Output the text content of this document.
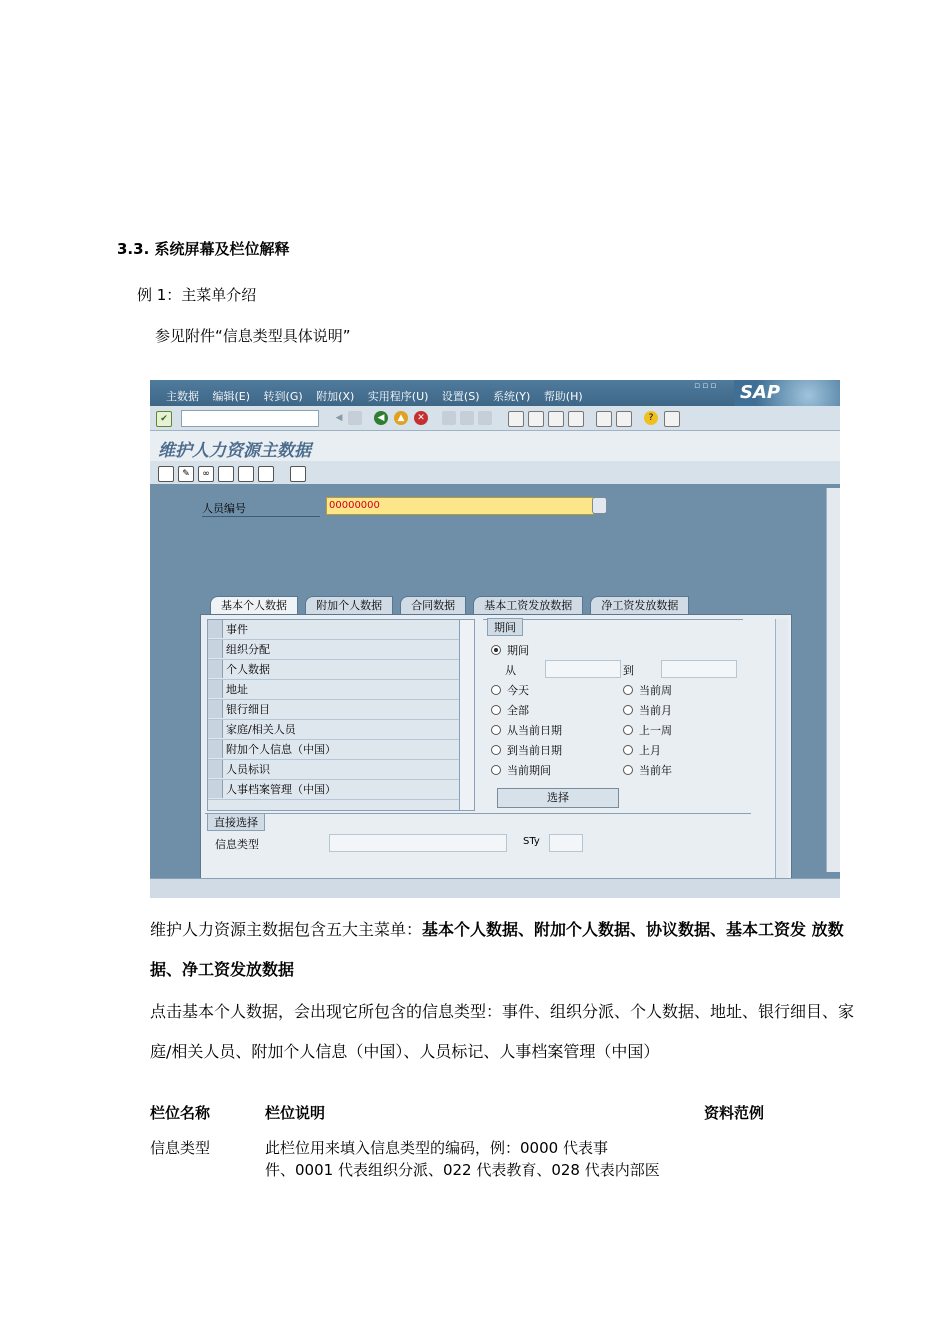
3.3. 系统屏幕及栏位解释
例 1：主菜单介绍
参见附件“信息类型具体说明”
主数据 编辑(E) 转到(G) 附加(X) 实用程序(U) 设置(S) 系统(Y) 帮助(H)
▫▫▫ SAP
✔	◀	◀	▲	✕	?
维护人力资源主数据
✎	∞
人员编号	00000000
基本个人数据	附加个人数据	合同数据	基本工资发放数据	净工资发放数据
事件
组织分配
个人数据
地址
银行细目
家庭/相关人员
附加个人信息（中国）
人员标识
人事档案管理（中国）
期间
期间
从	到
今天
全部
从当前日期
到当前日期
当前期间
当前周
当前月
上一周
上月
当前年
选择
直接选择
信息类型	STy
维护人力资源主数据包含五大主菜单：基本个人数据、附加个人数据、协议数据、基本工资发 放数据、净工资发放数据
点击基本个人数据，会出现它所包含的信息类型：事件、组织分派、个人数据、地址、银行细目、家庭/相关人员、附加个人信息（中国）、人员标记、人事档案管理（中国）
栏位名称	栏位说明	资料范例
信息类型	此栏位用来填入信息类型的编码，例：0000 代表事
件、0001 代表组织分派、022 代表教育、028 代表内部医
